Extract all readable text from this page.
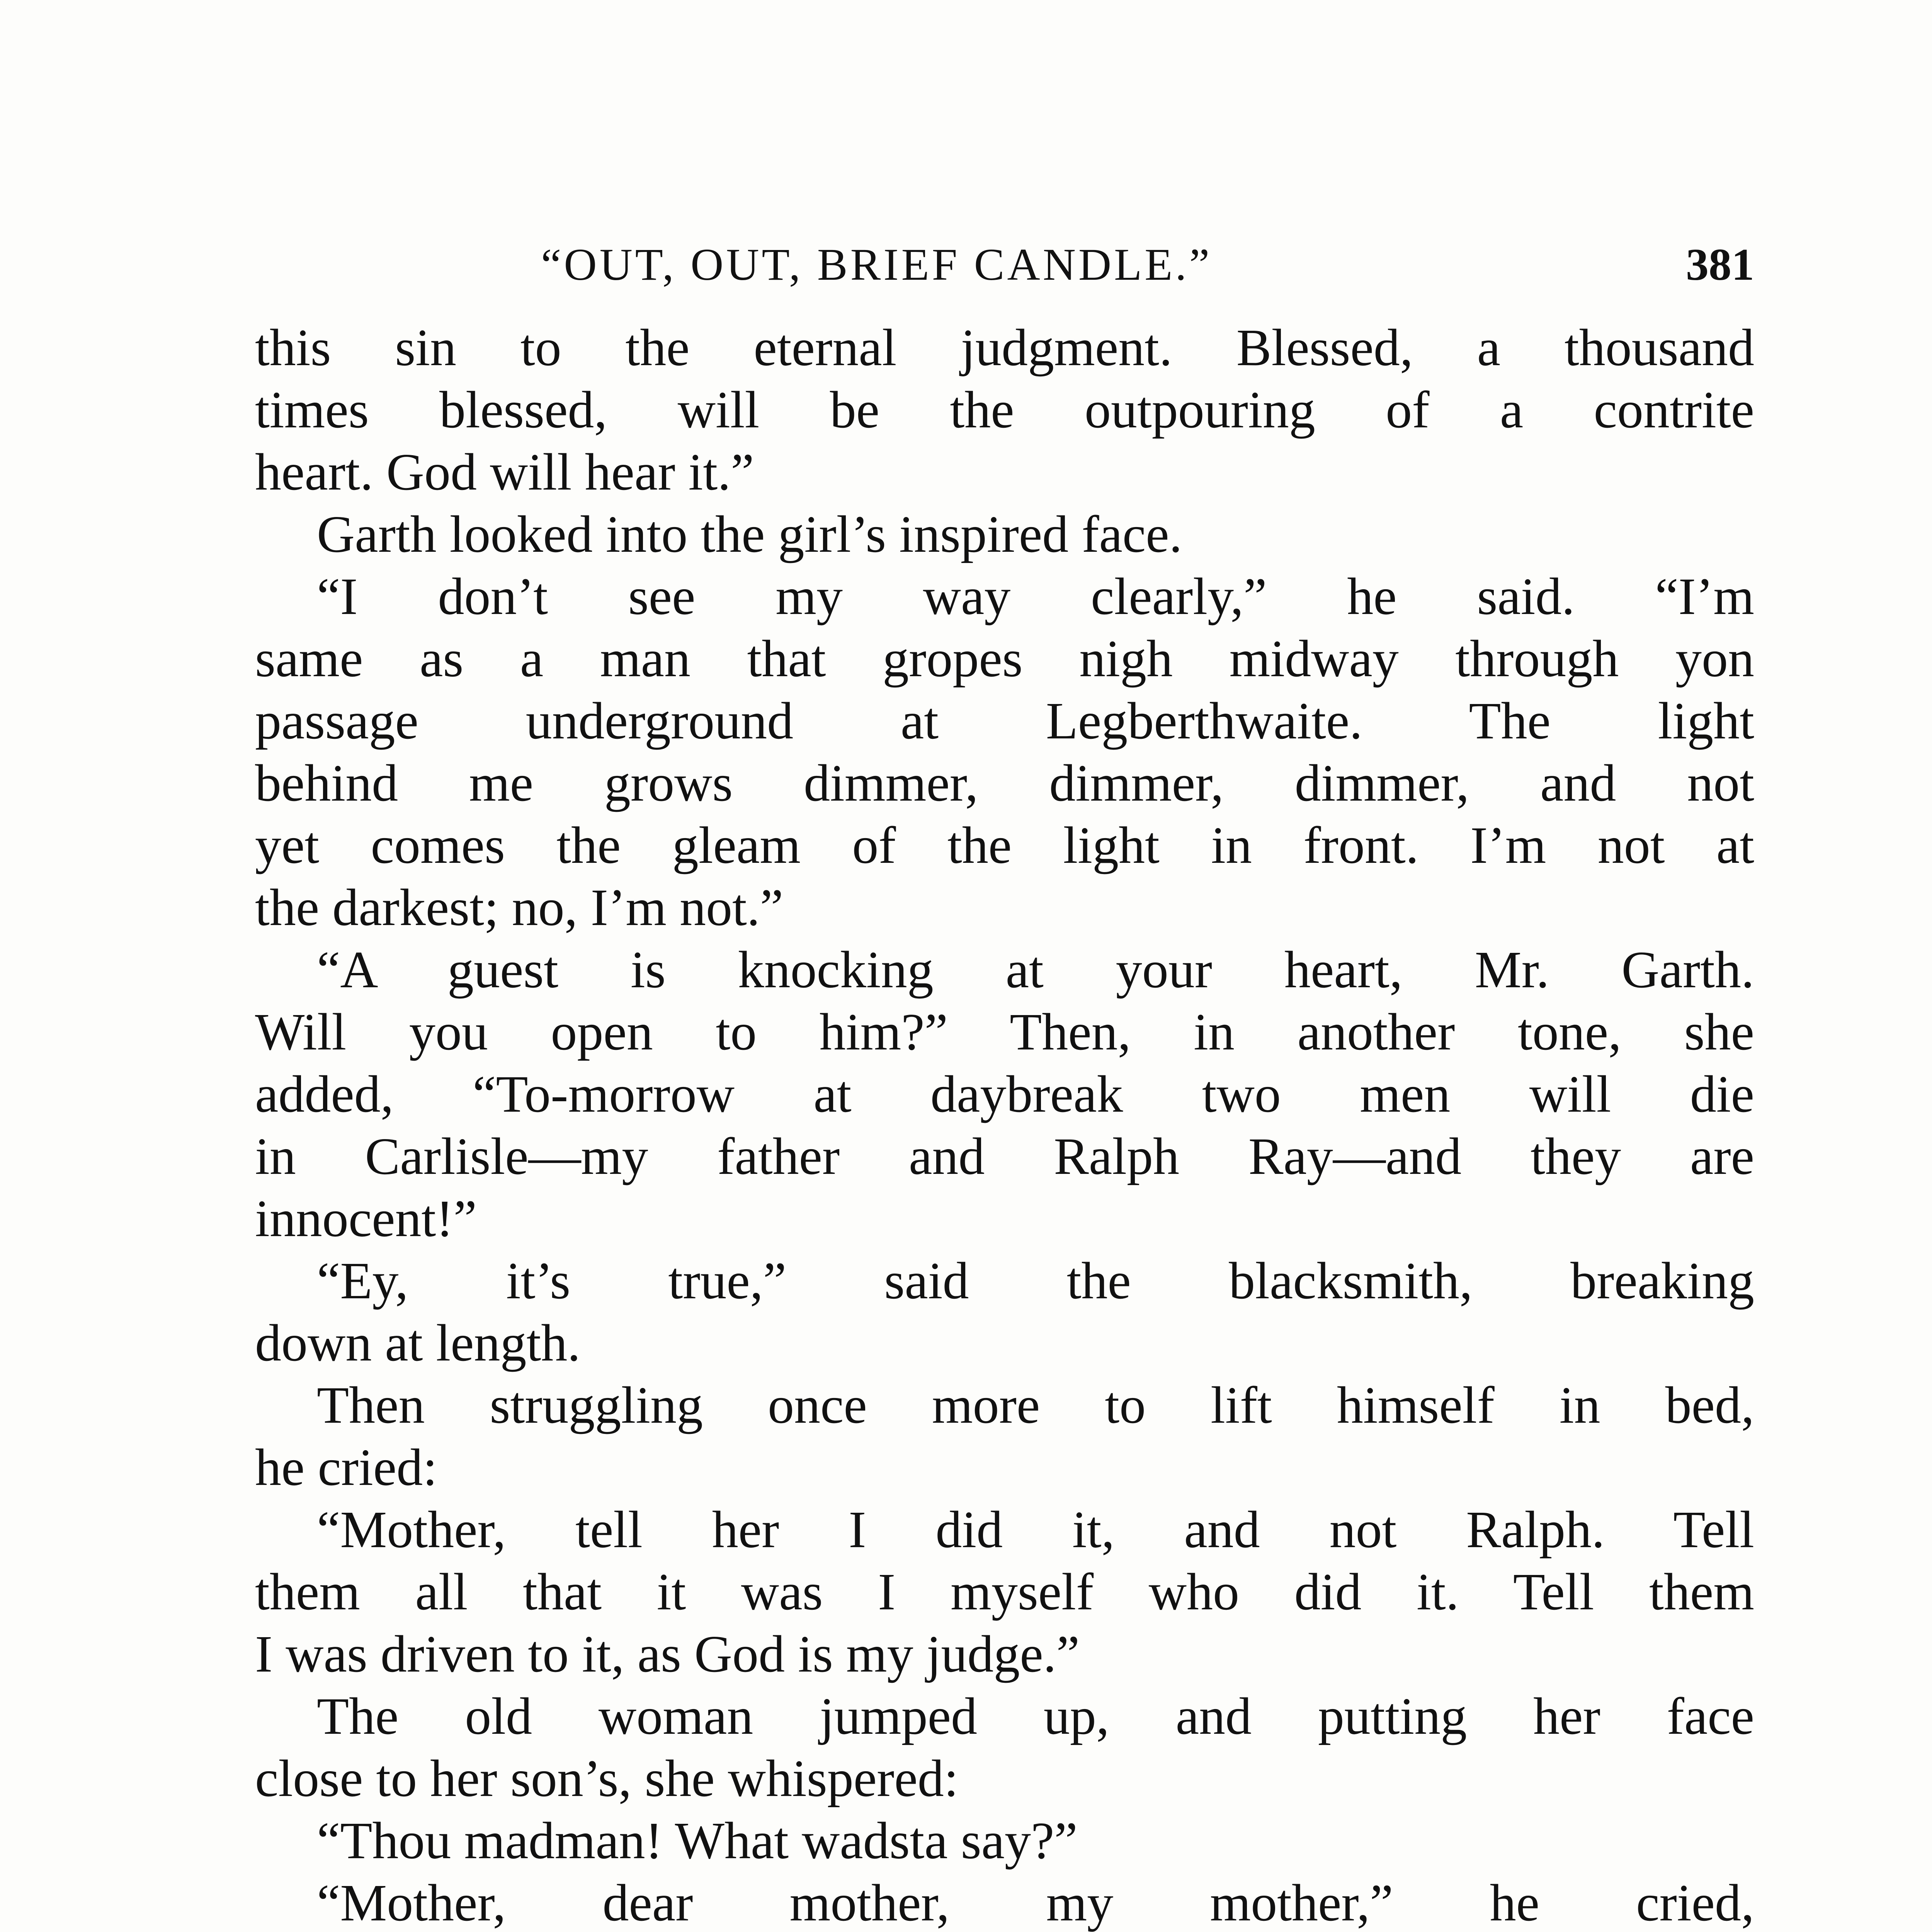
“OUT, OUT, BRIEF CANDLE.”	381
this sin to the eternal judgment. Blessed, a thousand
times blessed, will be the outpouring of a contrite
heart. God will hear it.”
Garth looked into the girl’s inspired face.
“I don’t see my way clearly,” he said. “I’m
same as a man that gropes nigh midway through yon
passage underground at Legberthwaite. The light
behind me grows dimmer, dimmer, dimmer, and not
yet comes the gleam of the light in front. I’m not at
the darkest; no, I’m not.”
“A guest is knocking at your heart, Mr. Garth.
Will you open to him?” Then, in another tone, she
added, “To-morrow at daybreak two men will die
in Carlisle—my father and Ralph Ray—and they are
innocent!”
“Ey, it’s true,” said the blacksmith, breaking
down at length.
Then struggling once more to lift himself in bed,
he cried:
“Mother, tell her I did it, and not Ralph. Tell
them all that it was I myself who did it. Tell them
I was driven to it, as God is my judge.”
The old woman jumped up, and putting her face
close to her son’s, she whispered:
“Thou madman! What wadsta say?”
“Mother, dear mother, my mother,” he cried,
